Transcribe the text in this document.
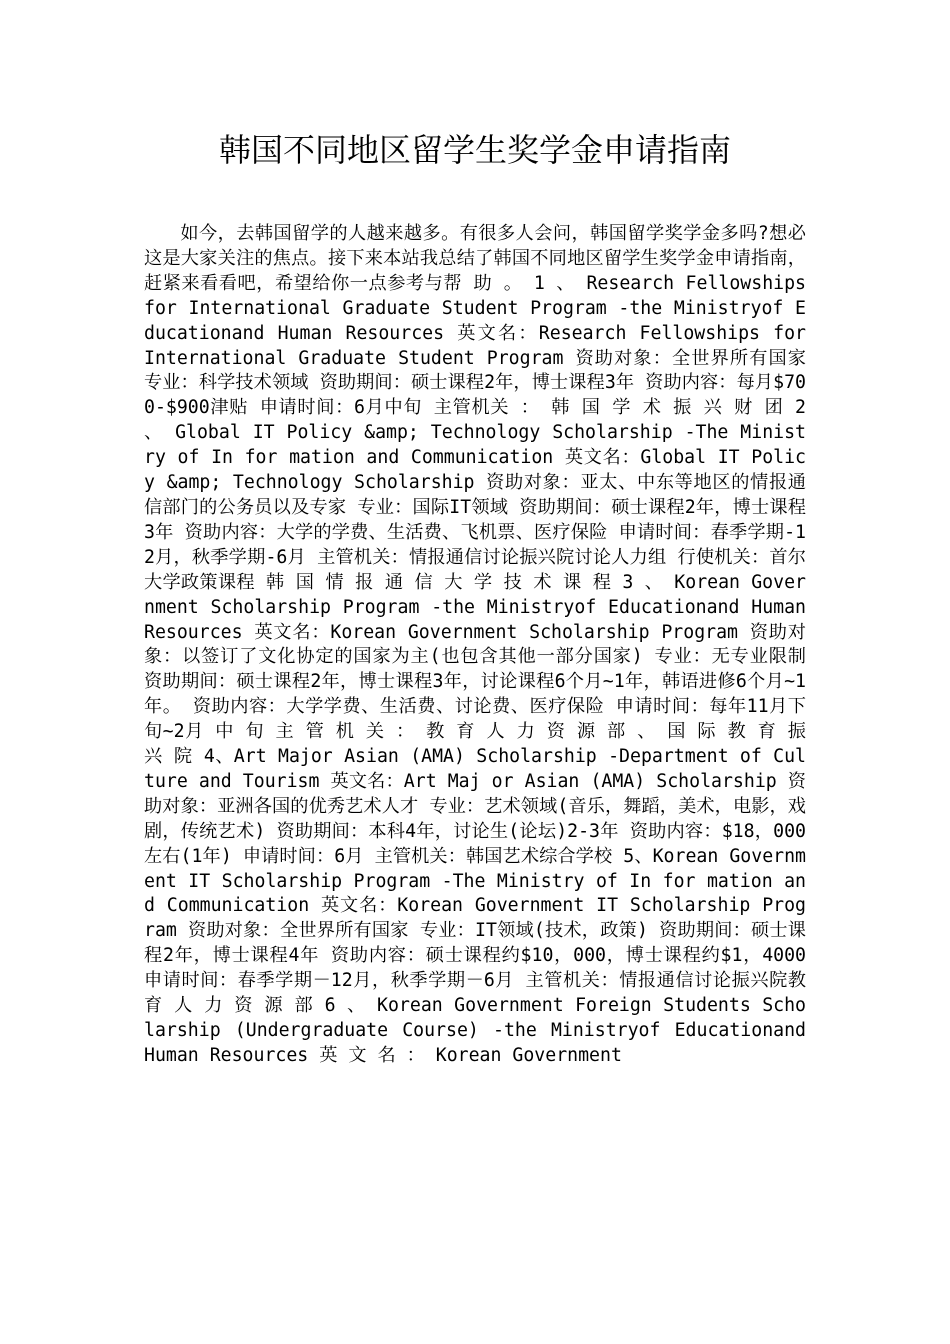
韩国不同地区留学生奖学金申请指南

如今，去韩国留学的人越来越多。有很多人会问，韩国留学奖学金多吗?想必这是大家关注的焦点。接下来本站我总结了韩国不同地区留学生奖学金申请指南，赶紧来看看吧，希望给你一点参考与帮 助 。 1 、 Research Fellowships for International Graduate Student Program -the Ministryof Educationand Human Resources 英文名：Research Fellowships for International Graduate Student Program 资助对象：全世界所有国家 专业：科学技术领域 资助期间：硕士课程2年，博士课程3年 资助内容：每月$700-$900津贴 申请时间：6月中旬 主管机关 ： 韩 国 学 术 振 兴 财 团 2 、 Global IT Policy &amp; Technology Scholarship -The Ministry of In for mation and Communication 英文名：Global IT Policy &amp; Technology Scholarship 资助对象：亚太、中东等地区的情报通信部门的公务员以及专家 专业：国际IT领域 资助期间：硕士课程2年，博士课程3年 资助内容：大学的学费、生活费、飞机票、医疗保险 申请时间：春季学期-12月，秋季学期-6月 主管机关：情报通信讨论振兴院讨论人力组 行使机关：首尔大学政策课程 韩 国 情 报 通 信 大 学 技 术 课 程 3 、 Korean Government Scholarship Program -the Ministryof Educationand Human Resources 英文名：Korean Government Scholarship Program 资助对象：以签订了文化协定的国家为主(也包含其他一部分国家) 专业：无专业限制 资助期间：硕士课程2年，博士课程3年，讨论课程6个月~1年，韩语进修6个月~1年。 资助内容：大学学费、生活费、讨论费、医疗保险 申请时间：每年11月下旬~2月 中 旬 主 管 机 关 ： 教 育 人 力 资 源 部 、 国 际 教 育 振 兴 院 4、Art Major Asian (AMA) Scholarship -Department of Culture and Tourism 英文名：Art Maj or Asian (AMA) Scholarship 资助对象：亚洲各国的优秀艺术人才 专业：艺术领域(音乐，舞蹈，美术，电影，戏剧，传统艺术) 资助期间：本科4年，讨论生(论坛)2-3年 资助内容：$18，000左右(1年) 申请时间：6月 主管机关：韩国艺术综合学校 5、Korean Government IT Scholarship Program -The Ministry of In for mation and Communication 英文名：Korean Government IT Scholarship Program 资助对象：全世界所有国家 专业：IT领域(技术，政策) 资助期间：硕士课程2年，博士课程4年 资助内容：硕士课程约$10，000，博士课程约$1，4000 申请时间：春季学期－12月，秋季学期－6月 主管机关：情报通信讨论振兴院教 育 人 力 资 源 部 6 、 Korean Government Foreign Students Scholarship (Undergraduate Course) -the Ministryof Educationand Human Resources 英 文 名 ： Korean Government
